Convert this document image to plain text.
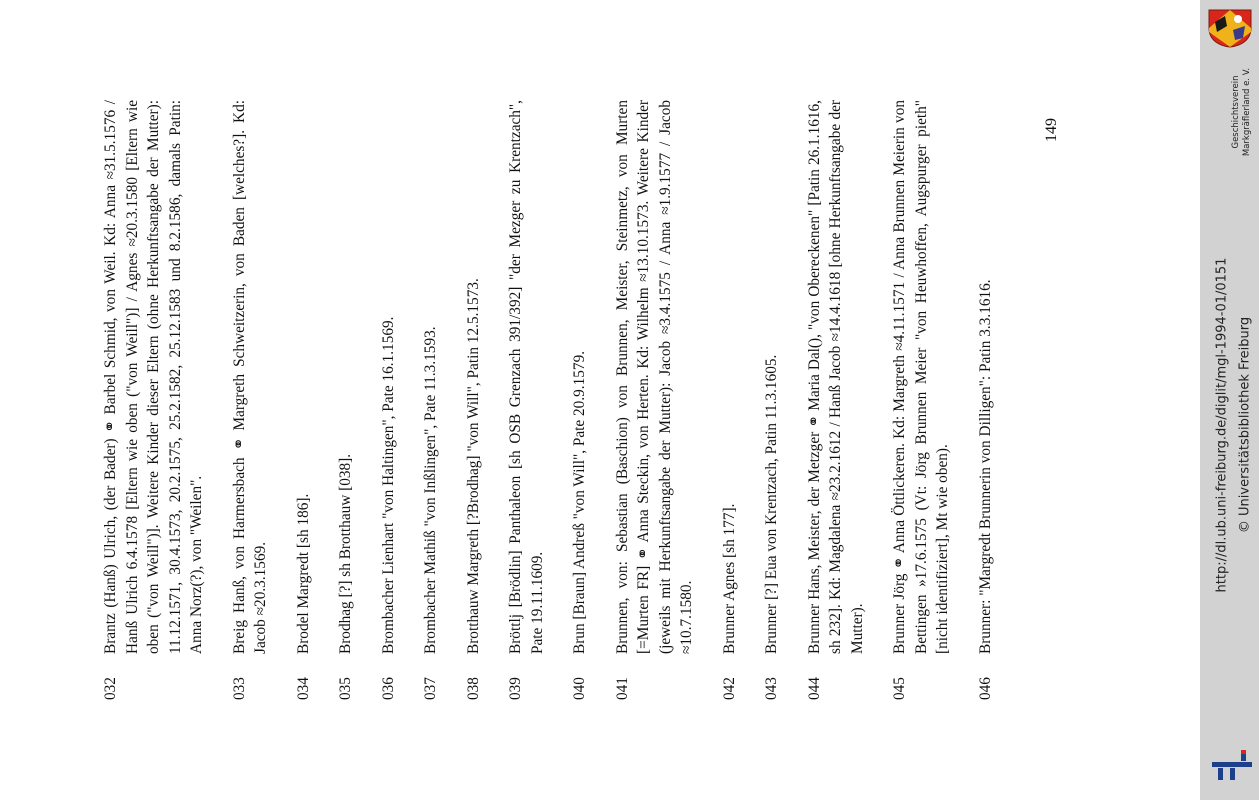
032
Brantz (Hanß) Ulrich, (der Bader) ⚭ Barbel Schmid, von Weil. Kd: Anna ≈31.5.1576 / Hanß Ulrich 6.4.1578 [Eltern wie oben ("von Weill")] / Agnes ≈20.3.1580 [Eltern wie oben ("von Weill")]. Weitere Kinder dieser Eltern (ohne Herkunftsangabe der Mutter): 11.12.1571, 30.4.1573, 20.2.1575, 25.2.1582, 25.12.1583 und 8.2.1586, damals Patin: Anna Norz(?), von "Weilen".
033
Breig Hanß, von Harmersbach ⚭ Margreth Schweitzerin, von Baden [welches?]. Kd: Jacob ≈20.3.1569.
034
Brodel Margredt [sh 186].
035
Brodhag [?] sh Brotthauw [038].
036
Brombacher Lienhart "von Haltingen", Pate 16.1.1569.
037
Brombacher Mathiß "von Inßlingen", Pate 11.3.1593.
038
Brotthauw Margreth [?Brodhag] "von Will", Patin 12.5.1573.
039
Bröttlj [Brödlin] Panthaleon [sh OSB Grenzach 391/392] "der Mezger zu Krentzach", Pate 19.11.1609.
040
Brun [Braun] Andreß "von Will", Pate 20.9.1579.
041
Brunnen, von: Sebastian (Baschion) von Brunnen, Meister, Steinmetz, von Murten [=Murten FR] ⚭ Anna Steckin, von Herten. Kd: Wilhelm ≈13.10.1573. Weitere Kinder (jeweils mit Herkunftsangabe der Mutter): Jacob ≈3.4.1575 / Anna ≈1.9.1577 / Jacob ≈10.7.1580.
042
Brunner Agnes [sh 177].
043
Brunner [?] Eua von Krentzach, Patin 11.3.1605.
044
Brunner Hans, Meister, der Metzger ⚭ Maria Dal(), "von Obereckenen" [Patin 26.1.1616, sh 232]. Kd: Magdalena ≈23.2.1612 / Hanß Jacob ≈14.4.1618 [ohne Herkunftsangabe der Mutter).
045
Brunner Jörg ⚭ Anna Öttlickeren. Kd: Margreth ≈4.11.1571 / Anna Brunnen Meierin von Bettingen »17.6.1575 (Vt: Jörg Brunnen Meier "von Heuwhoffen, Augspurger pieth" [nicht identifiziert], Mt wie oben).
046
Brunner: "Margredt Brunnerin von Dilligen": Patin 3.3.1616.
149	Geschichtsverein Markgräflerland e. V.
http://dl.ub.uni-freiburg.de/diglit/mgl-1994-01/0151 © Universitätsbibliothek Freiburg
